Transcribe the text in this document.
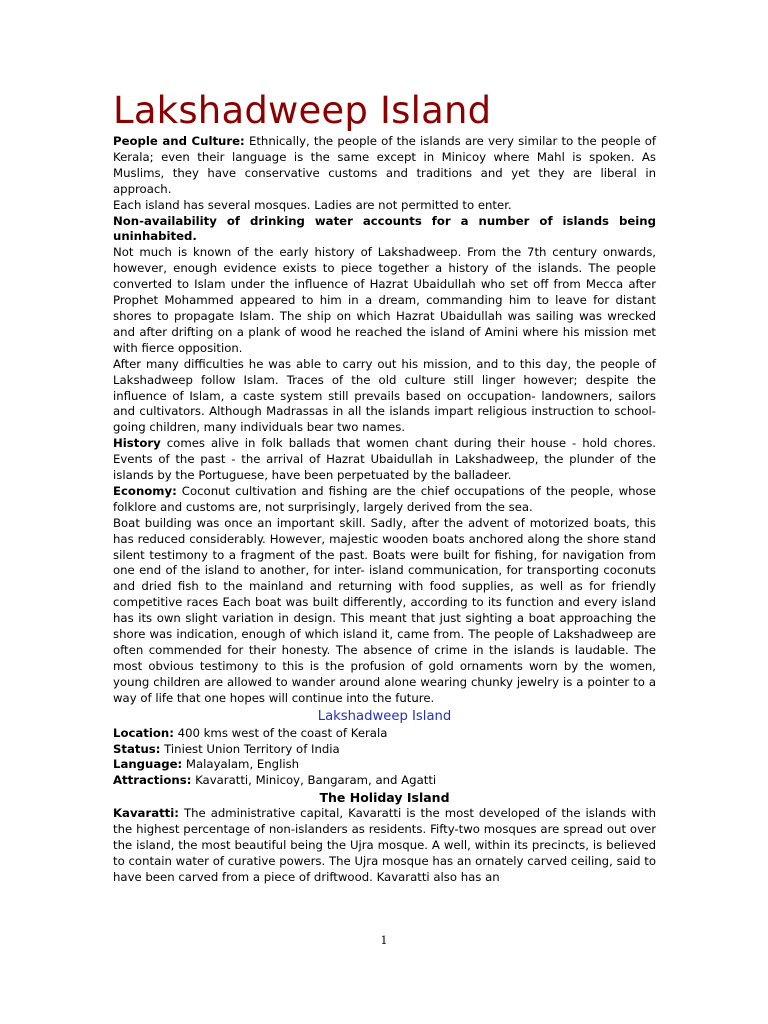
Lakshadweep Island

People and Culture: Ethnically, the people of the islands are very similar to the people of Kerala; even their language is the same except in Minicoy where Mahl is spoken. As Muslims, they have conservative customs and traditions and yet they are liberal in approach.

Each island has several mosques. Ladies are not permitted to enter.

Non-availability of drinking water accounts for a number of islands being uninhabited.

Not much is known of the early history of Lakshadweep. From the 7th century onwards, however, enough evidence exists to piece together a history of the islands. The people converted to Islam under the influence of Hazrat Ubaidullah who set off from Mecca after Prophet Mohammed appeared to him in a dream, commanding him to leave for distant shores to propagate Islam. The ship on which Hazrat Ubaidullah was sailing was wrecked and after drifting on a plank of wood he reached the island of Amini where his mission met with fierce opposition.

After many difficulties he was able to carry out his mission, and to this day, the people of Lakshadweep follow Islam. Traces of the old culture still linger however; despite the influence of Islam, a caste system still prevails based on occupation- landowners, sailors and cultivators. Although Madrassas in all the islands impart religious instruction to school-going children, many individuals bear two names.

History comes alive in folk ballads that women chant during their house - hold chores. Events of the past - the arrival of Hazrat Ubaidullah in Lakshadweep, the plunder of the islands by the Portuguese, have been perpetuated by the balladeer.

Economy: Coconut cultivation and fishing are the chief occupations of the people, whose folklore and customs are, not surprisingly, largely derived from the sea.

Boat building was once an important skill. Sadly, after the advent of motorized boats, this has reduced considerably. However, majestic wooden boats anchored along the shore stand silent testimony to a fragment of the past. Boats were built for fishing, for navigation from one end of the island to another, for inter- island communication, for transporting coconuts and dried fish to the mainland and returning with food supplies, as well as for friendly competitive races Each boat was built differently, according to its function and every island has its own slight variation in design. This meant that just sighting a boat approaching the shore was indication, enough of which island it, came from. The people of Lakshadweep are often commended for their honesty. The absence of crime in the islands is laudable. The most obvious testimony to this is the profusion of gold ornaments worn by the women, young children are allowed to wander around alone wearing chunky jewelry is a pointer to a way of life that one hopes will continue into the future.

Lakshadweep Island

Location: 400 kms west of the coast of Kerala

Status: Tiniest Union Territory of India

Language: Malayalam, English

Attractions: Kavaratti, Minicoy, Bangaram, and Agatti

The Holiday Island

Kavaratti: The administrative capital, Kavaratti is the most developed of the islands with the highest percentage of non-islanders as residents. Fifty-two mosques are spread out over the island, the most beautiful being the Ujra mosque. A well, within its precincts, is believed to contain water of curative powers. The Ujra mosque has an ornately carved ceiling, said to have been carved from a piece of driftwood. Kavaratti also has an

1
